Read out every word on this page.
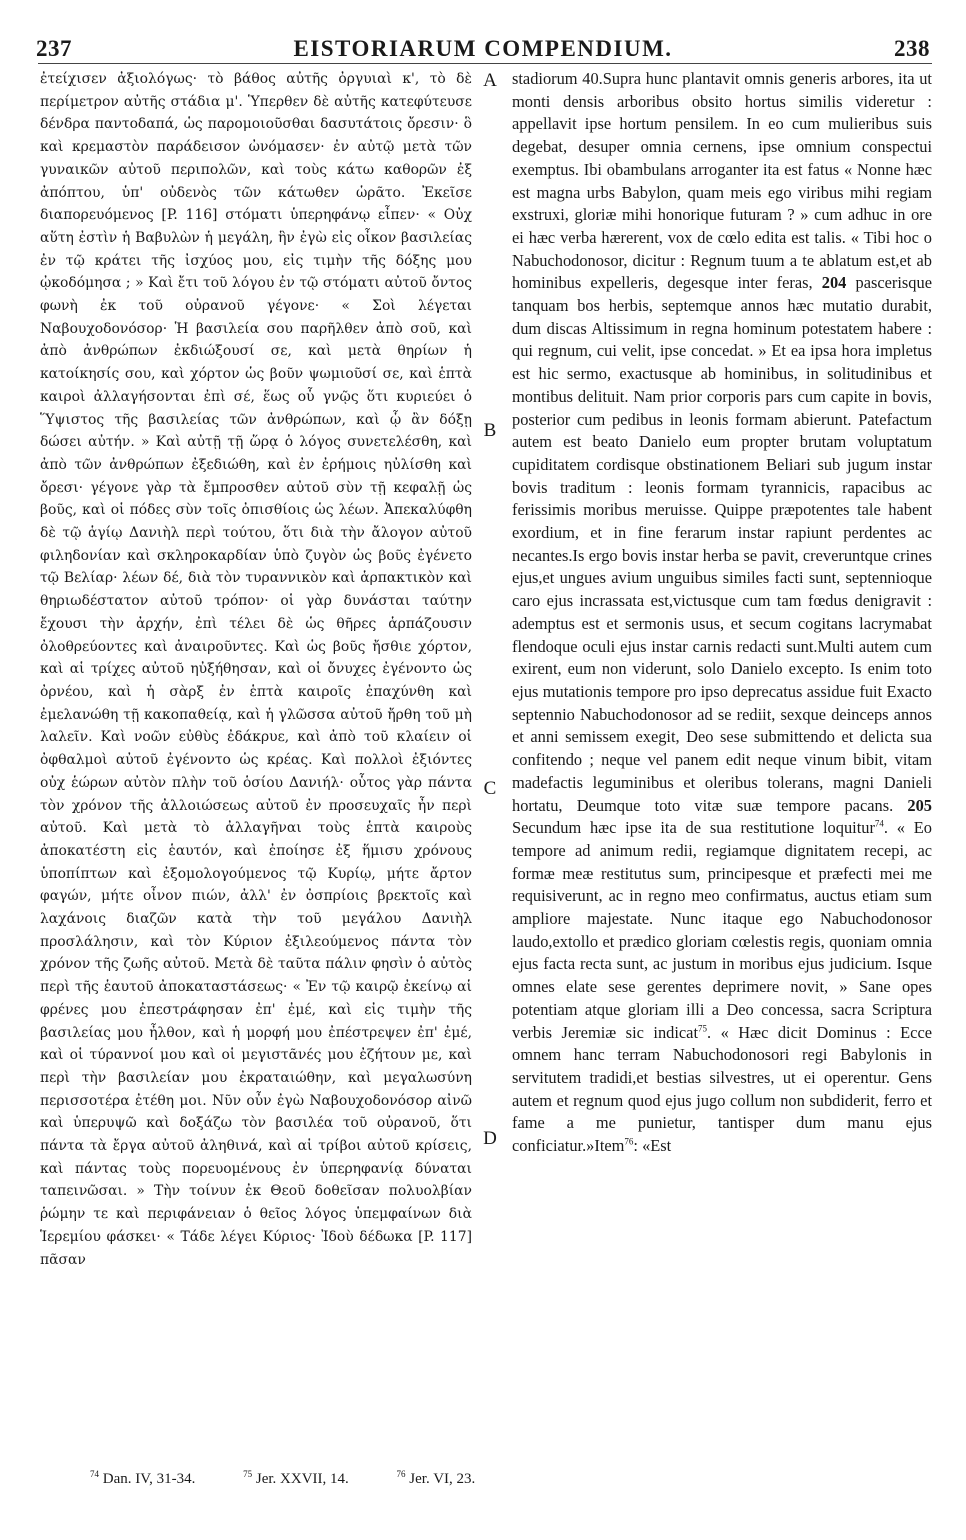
237	EISTORIARUM COMPENDIUM.	238

ἐτείχισεν ἀξιολόγως· τὸ βάθος αὐτῆς ὀργυιαὶ κ', τὸ δὲ περίμετρον αὐτῆς στάδια μ'. Ὑπερθεν δὲ αὐτῆς κατεφύτευσε δένδρα παντοδαπά, ὡς παρομοιοῦσθαι δασυτάτοις ὄρεσιν· ὃ καὶ κρεμαστὸν παράδεισον ὠνόμασεν· ἐν αὐτῷ μετὰ τῶν γυναικῶν αὐτοῦ περιπολῶν, καὶ τοὺς κάτω καθορῶν ἐξ ἀπόπτου, ὑπ' οὐδενὸς τῶν κάτωθεν ὡρᾶτο. Ἐκεῖσε διαπορευόμενος [P. 116] στόματι ὑπερηφάνῳ εἶπεν· « Οὐχ αὕτη ἐστὶν ἡ Βαβυλὼν ἡ μεγάλη, ἣν ἐγὼ εἰς οἶκον βασιλείας ἐν τῷ κράτει τῆς ἰσχύος μου, εἰς τιμὴν τῆς δόξης μου ᾠκοδόμησα ; » Καὶ ἔτι τοῦ λόγου ἐν τῷ στόματι αὐτοῦ ὄντος φωνὴ ἐκ τοῦ οὐρανοῦ γέγονε· « Σοὶ λέγεται Ναβουχοδονόσορ· Ἡ βασιλεία σου παρῆλθεν ἀπὸ σοῦ, καὶ ἀπὸ ἀνθρώπων ἐκδιώξουσί σε, καὶ μετὰ θηρίων ἡ κατοίκησίς σου, καὶ χόρτον ὡς βοῦν ψωμιοῦσί σε, καὶ ἑπτὰ καιροὶ ἀλλαγήσονται ἐπὶ σέ, ἕως οὗ γνῷς ὅτι κυριεύει ὁ Ὕψιστος τῆς βασιλείας τῶν ἀνθρώπων, καὶ ᾧ ἂν δόξῃ δώσει αὐτήν. » Καὶ αὐτῇ τῇ ὥρᾳ ὁ λόγος συνετελέσθη, καὶ ἀπὸ τῶν ἀνθρώπων ἐξεδιώθη, καὶ ἐν ἐρήμοις ηὐλίσθη καὶ ὄρεσι· γέγονε γὰρ τὰ ἔμπροσθεν αὐτοῦ σὺν τῇ κεφαλῇ ὡς βοῦς, καὶ οἱ πόδες σὺν τοῖς ὀπισθίοις ὡς λέων. Ἀπεκαλύφθη δὲ τῷ ἁγίῳ Δανιὴλ περὶ τούτου, ὅτι διὰ τὴν ἄλογον αὐτοῦ φιληδονίαν καὶ σκληροκαρδίαν ὑπὸ ζυγὸν ὡς βοῦς ἐγένετο τῷ Βελίαρ· λέων δέ, διὰ τὸν τυραννικὸν καὶ ἁρπακτικὸν καὶ θηριωδέστατον αὐτοῦ τρόπον· οἱ γὰρ δυνάσται ταύτην ἔχουσι τὴν ἀρχήν, ἐπὶ τέλει δὲ ὡς θῆρες ἁρπάζουσιν ὀλοθρεύοντες καὶ ἀναιροῦντες. Καὶ ὡς βοῦς ἤσθιε χόρτον, καὶ αἱ τρίχες αὐτοῦ ηὐξήθησαν, καὶ οἱ ὄνυχες ἐγένοντο ὡς ὀρνέου, καὶ ἡ σὰρξ ἐν ἑπτὰ καιροῖς ἐπαχύνθη καὶ ἐμελανώθη τῇ κακοπαθείᾳ, καὶ ἡ γλῶσσα αὐτοῦ ἤρθη τοῦ μὴ λαλεῖν. Καὶ νοῶν εὐθὺς ἐδάκρυε, καὶ ἀπὸ τοῦ κλαίειν οἱ ὀφθαλμοὶ αὐτοῦ ἐγένοντο ὡς κρέας. Καὶ πολλοὶ ἐξιόντες οὐχ ἑώρων αὐτὸν πλὴν τοῦ ὁσίου Δανιήλ· οὗτος γὰρ πάντα τὸν χρόνον τῆς ἀλλοιώσεως αὐτοῦ ἐν προσευχαῖς ἦν περὶ αὐτοῦ. Καὶ μετὰ τὸ ἀλλαγῆναι τοὺς ἑπτὰ καιροὺς ἀποκατέστη εἰς ἑαυτόν, καὶ ἐποίησε ἐξ ἥμισυ χρόνους ὑποπίπτων καὶ ἐξομολογούμενος τῷ Κυρίῳ, μήτε ἄρτον φαγών, μήτε οἶνον πιών, ἀλλ' ἐν ὀσπρίοις βρεκτοῖς καὶ λαχάνοις διαζῶν κατὰ τὴν τοῦ μεγάλου Δανιὴλ προσλάλησιν, καὶ τὸν Κύριον ἐξιλεούμενος πάντα τὸν χρόνον τῆς ζωῆς αὐτοῦ. Μετὰ δὲ ταῦτα πάλιν φησὶν ὁ αὐτὸς περὶ τῆς ἑαυτοῦ ἀποκαταστάσεως· « Ἐν τῷ καιρῷ ἐκείνῳ αἱ φρένες μου ἐπεστράφησαν ἐπ' ἐμέ, καὶ εἰς τιμὴν τῆς βασιλείας μου ἦλθον, καὶ ἡ μορφή μου ἐπέστρεψεν ἐπ' ἐμέ, καὶ οἱ τύραννοί μου καὶ οἱ μεγιστᾶνές μου ἐζήτουν με, καὶ περὶ τὴν βασιλείαν μου ἐκραταιώθην, καὶ μεγαλωσύνη περισσοτέρα ἐτέθη μοι. Νῦν οὖν ἐγὼ Ναβουχοδονόσορ αἰνῶ καὶ ὑπερυψῶ καὶ δοξάζω τὸν βασιλέα τοῦ οὐρανοῦ, ὅτι πάντα τὰ ἔργα αὐτοῦ ἀληθινά, καὶ αἱ τρίβοι αὐτοῦ κρίσεις, καὶ πάντας τοὺς πορευομένους ἐν ὑπερηφανίᾳ δύναται ταπεινῶσαι. » Τὴν τοίνυν ἐκ Θεοῦ δοθεῖσαν πολυολβίαν ῥώμην τε καὶ περιφάνειαν ὁ θεῖος λόγος ὑπεμφαίνων διὰ Ἱερεμίου φάσκει· « Τάδε λέγει Κύριος· Ἰδοὺ δέδωκα [P. 117] πᾶσαν

A
B
C
D

stadiorum 40.Supra hunc plantavit omnis generis arbores, ita ut monti densis arboribus obsito hortus similis videretur : appellavit ipse hortum pensilem. In eo cum mulieribus suis degebat, desuper omnia cernens, ipse omnium conspectui exemptus. Ibi obambulans arroganter ita est fatus « Nonne hæc est magna urbs Babylon, quam meis ego viribus mihi regiam exstruxi, gloriæ mihi honorique futuram ? » cum adhuc in ore ei hæc verba hærerent, vox de cœlo edita est talis. « Tibi hoc o Nabuchodonosor, dicitur : Regnum tuum a te ablatum est,et ab hominibus expelleris, degesque inter feras, 204 pascerisque tanquam bos herbis, septemque annos hæc mutatio durabit, dum discas Altissimum in regna hominum potestatem habere : qui regnum, cui velit, ipse concedat. » Et ea ipsa hora impletus est hic sermo, exactusque ab hominibus, in solitudinibus et montibus delituit. Nam prior corporis pars cum capite in bovis, posterior cum pedibus in leonis formam abierunt. Patefactum autem est beato Danielo eum propter brutam voluptatum cupiditatem cordisque obstinationem Beliari sub jugum instar bovis traditum : leonis formam tyrannicis, rapacibus ac ferissimis moribus meruisse. Quippe præpotentes tale habent exordium, et in fine ferarum instar rapiunt perdentes ac necantes.Is ergo bovis instar herba se pavit, creveruntque crines ejus,et ungues avium unguibus similes facti sunt, septennioque caro ejus incrassata est,victusque cum tam fœdus denigravit : ademptus est et sermonis usus, et secum cogitans lacrymabat flendoque oculi ejus instar carnis redacti sunt.Multi autem cum exirent, eum non viderunt, solo Danielo excepto. Is enim toto ejus mutationis tempore pro ipso deprecatus assidue fuit Exacto septennio Nabuchodonosor ad se rediit, sexque deinceps annos et anni semissem exegit, Deo sese submittendo et delicta sua confitendo ; neque vel panem edit neque vinum bibit, vitam madefactis leguminibus et oleribus tolerans, magni Danieli hortatu, Deumque toto vitæ suæ tempore pacans. 205 Secundum hæc ipse ita de sua restitutione loquitur$^{74}$. « Eo tempore ad animum redii, regiamque dignitatem recepi, ac formæ meæ restitutus sum, principesque et præfecti mei me requisiverunt, ac in regno meo confirmatus, auctus etiam sum ampliore majestate. Nunc itaque ego Nabuchodonosor laudo,extollo et prædico gloriam cœlestis regis, quoniam omnia ejus facta recta sunt, ac justum in moribus ejus judicium. Isque omnes elate sese gerentes deprimere novit, » Sane opes potentiam atque gloriam illi a Deo concessa, sacra Scriptura verbis Jeremiæ sic indicat$^{75}$. « Hæc dicit Dominus : Ecce omnem hanc terram Nabuchodonosori regi Babylonis in servitutem tradidi,et bestias silvestres, ut ei operentur. Gens autem et regnum quod ejus jugo collum non subdiderit, ferro et fame a me punietur, tantisper dum manu ejus conficiatur.»Item$^{76}$: «Est

$^{74}$ Dan. IV, 31-34.	$^{75}$ Jer. XXVII, 14.	$^{76}$ Jer. VI, 23.
